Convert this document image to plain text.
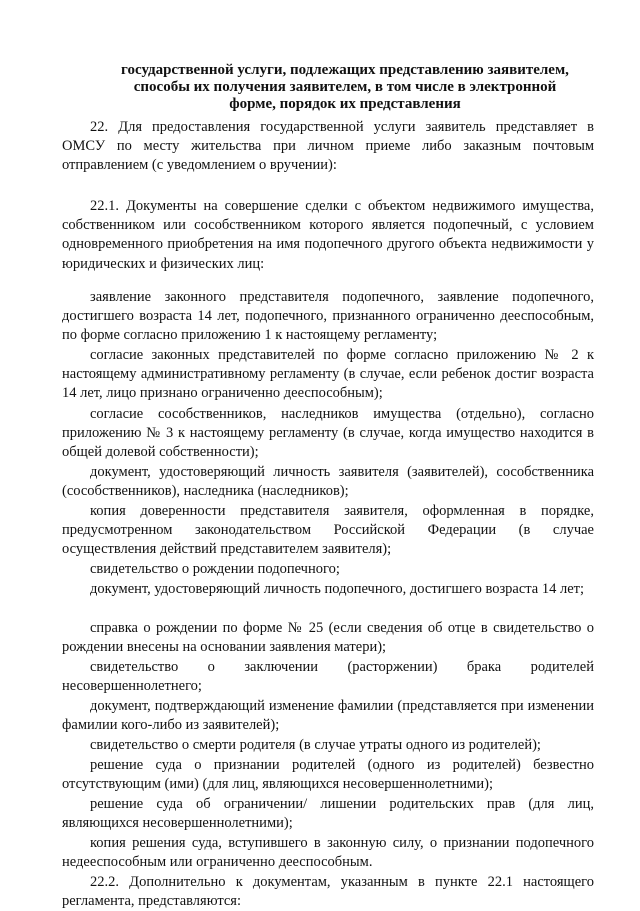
государственной услуги, подлежащих представлению заявителем,
способы их получения заявителем, в том числе в электронной
форме, порядок их представления

22. Для предоставления государственной услуги заявитель представляет в ОМСУ по месту жительства при личном приеме либо заказным почтовым отправлением (с уведомлением о вручении):

22.1. Документы на совершение сделки с объектом недвижимого имущества, собственником или сособственником которого является подопечный, с условием одновременного приобретения на имя подопечного другого объекта недвижимости у юридических и физических лиц:

заявление законного представителя подопечного, заявление подопечного, достигшего возраста 14 лет, подопечного, признанного ограниченно дееспособным, по форме согласно приложению 1 к настоящему регламенту;

согласие законных представителей по форме согласно приложению № 2 к настоящему административному регламенту (в случае, если ребенок достиг возраста 14 лет, лицо признано ограниченно дееспособным);

согласие сособственников, наследников имущества (отдельно), согласно приложению № 3 к настоящему регламенту (в случае, когда имущество находится в общей долевой собственности);

документ, удостоверяющий личность заявителя (заявителей), сособственника (сособственников), наследника (наследников);

копия доверенности представителя заявителя, оформленная в порядке, предусмотренном законодательством Российской Федерации (в случае осуществления действий представителем заявителя);

свидетельство о рождении подопечного;

документ, удостоверяющий личность подопечного, достигшего возраста 14 лет;

справка о рождении по форме № 25 (если сведения об отце в свидетельство о рождении внесены на основании заявления матери);

свидетельство о заключении (расторжении) брака родителей несовершеннолетнего;

документ, подтверждающий изменение фамилии (представляется при изменении фамилии кого-либо из заявителей);

свидетельство о смерти родителя (в случае утраты одного из родителей);

решение суда о признании родителей (одного из родителей) безвестно отсутствующим (ими) (для лиц, являющихся несовершеннолетними);

решение суда об ограничении/ лишении родительских прав (для лиц, являющихся несовершеннолетними);

копия решения суда, вступившего в законную силу, о признании подопечного недееспособным или ограниченно дееспособным.

22.2. Дополнительно к документам, указанным в пункте 22.1 настоящего регламента, представляются:
